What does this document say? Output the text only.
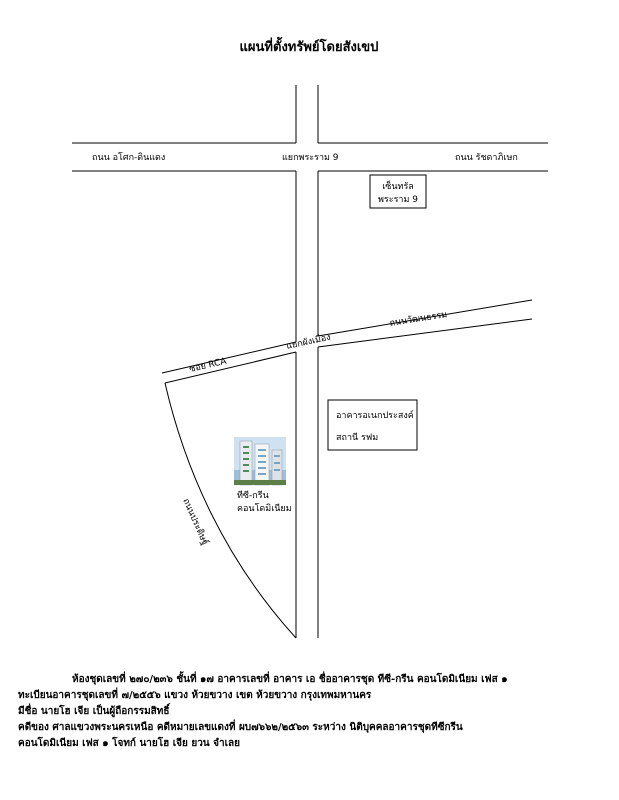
แผนที่ตั้งทรัพย์โดยสังเขป
ถนน อโศก-ดินแดง	แยกพระราม 9	ถนน รัชดาภิเษก
ถนนวัฒนธรรม
แยกผังเมือง
ซอย RCA
ถนนประดิษฐ์
เซ็นทรัล
พระราม 9
อาคารอเนกประสงค์
สถานี รฟม
ทีซี-กรีน
คอนโดมิเนียม
ห้องชุดเลขที่ ๒๗๐/๒๓๖ ชั้นที่ ๑๗ อาคารเลขที่ อาคาร เอ ชื่ออาคารชุด ทีซี-กรีน คอนโดมิเนียม เฟส ๑
ทะเบียนอาคารชุดเลขที่ ๗/๒๕๕๖ แขวง ห้วยขวาง เขต ห้วยขวาง กรุงเทพมหานคร
มีชื่อ นายโฮ เจีย เป็นผู้ถือกรรมสิทธิ์
คดีของ ศาลแขวงพระนครเหนือ คดีหมายเลขแดงที่ ผบ๗๖๖๒/๒๕๖๓ ระหว่าง นิติบุคคลอาคารชุดทีซีกรีน
คอนโดมิเนียม เฟส ๑ โจทก์ นายโฮ เจีย ยวน จำเลย
